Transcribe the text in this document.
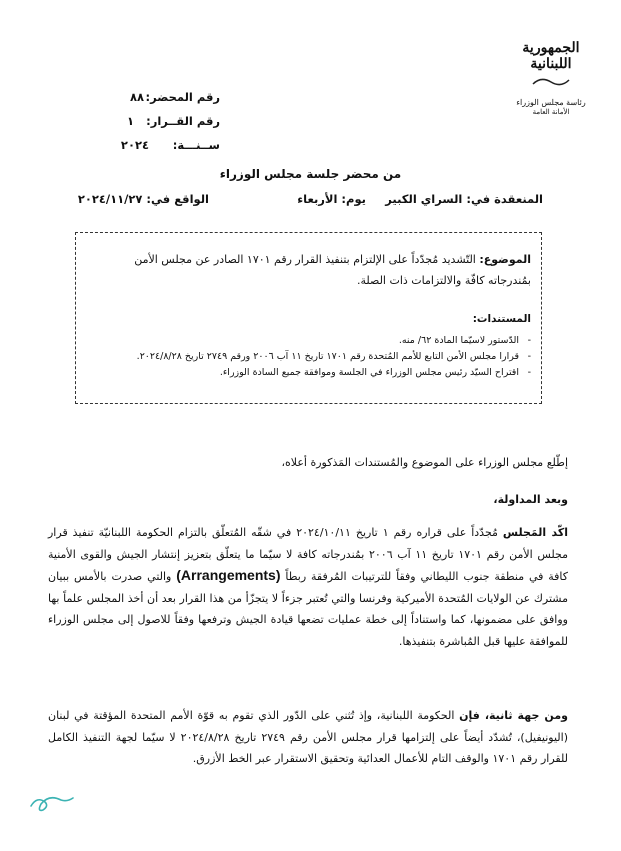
الجمهورية
اللبنانية
رئاسة مجلس الوزراء
الأمانة العامة
رقم المحضر:
٨٨
رقم القــرار:
١
ســنـــة:
٢٠٢٤
من محضر جلسة مجلس الوزراء
المنعقدة في: السراي الكبير
يوم: الأربعاء
الواقع في: ٢٠٢٤/١١/٢٧
الموضوع: التّشديد مُجدّداً على الإلتزام بتنفيذ القرار رقم ١٧٠١ الصادر عن مجلس الأمن بمُندرجاته كافّة والالتزامات ذات الصلة.
المستندات:
- الدّستور لاسيّما المادة ٦٢/ منه.
- قرارا مجلس الأمن التابع للأمم المُتحدة رقم ١٧٠١ تاريخ ١١ آب ٢٠٠٦ ورقم ٢٧٤٩ تاريخ ٢٠٢٤/٨/٢٨.
- اقتراح السيّد رئيس مجلس الوزراء في الجلسة وموافقة جميع السادة الوزراء.
إطّلع مجلس الوزراء على الموضوع والمُستندات المَذكورة أعلاه،
وبعد المداولة،
اكّد المَجلس مُجدّداً على قراره رقم ١ تاريخ ٢٠٢٤/١٠/١١ في شقّه المُتعلّق بالتزام الحكومة اللبنانيّة تنفيذ قرار مجلس الأمن رقم ١٧٠١ تاريخ ١١ آب ٢٠٠٦ بمُندرجاته كافة لا سيّما ما يتعلّق بتعزيز إنتشار الجيش والقوى الأمنية كافة في منطقة جنوب الليطاني وفقاً للترتيبات المُرفقة ربطاً (Arrangements) والتي صدرت بالأمس ببيان مشترك عن الولايات المُتحدة الأميركية وفرنسا والتي تُعتبر جزءاً لا يتجزّأ من هذا القرار بعد أن أخذ المجلس علماً بها ووافق على مضمونها، كما واستناداً إلى خطة عمليات تضعها قيادة الجيش وترفعها وفقاً للاصول إلى مجلس الوزراء للموافقة عليها قبل المُباشرة بتنفيذها.
ومن جهة ثانية، فإن الحكومة اللبنانية، وإذ تُثني على الدّور الذي تقوم به قوّة الأمم المتحدة المؤقتة في لبنان (اليونيفيل)، تُشدّد أيضاً على إلتزامها قرار مجلس الأمن رقم ٢٧٤٩ تاريخ ٢٠٢٤/٨/٢٨ لا سيّما لجهة التنفيذ الكامل للقرار رقم ١٧٠١ والوقف التام للأعمال العدائية وتحقيق الاستقرار عبر الخط الأزرق.
